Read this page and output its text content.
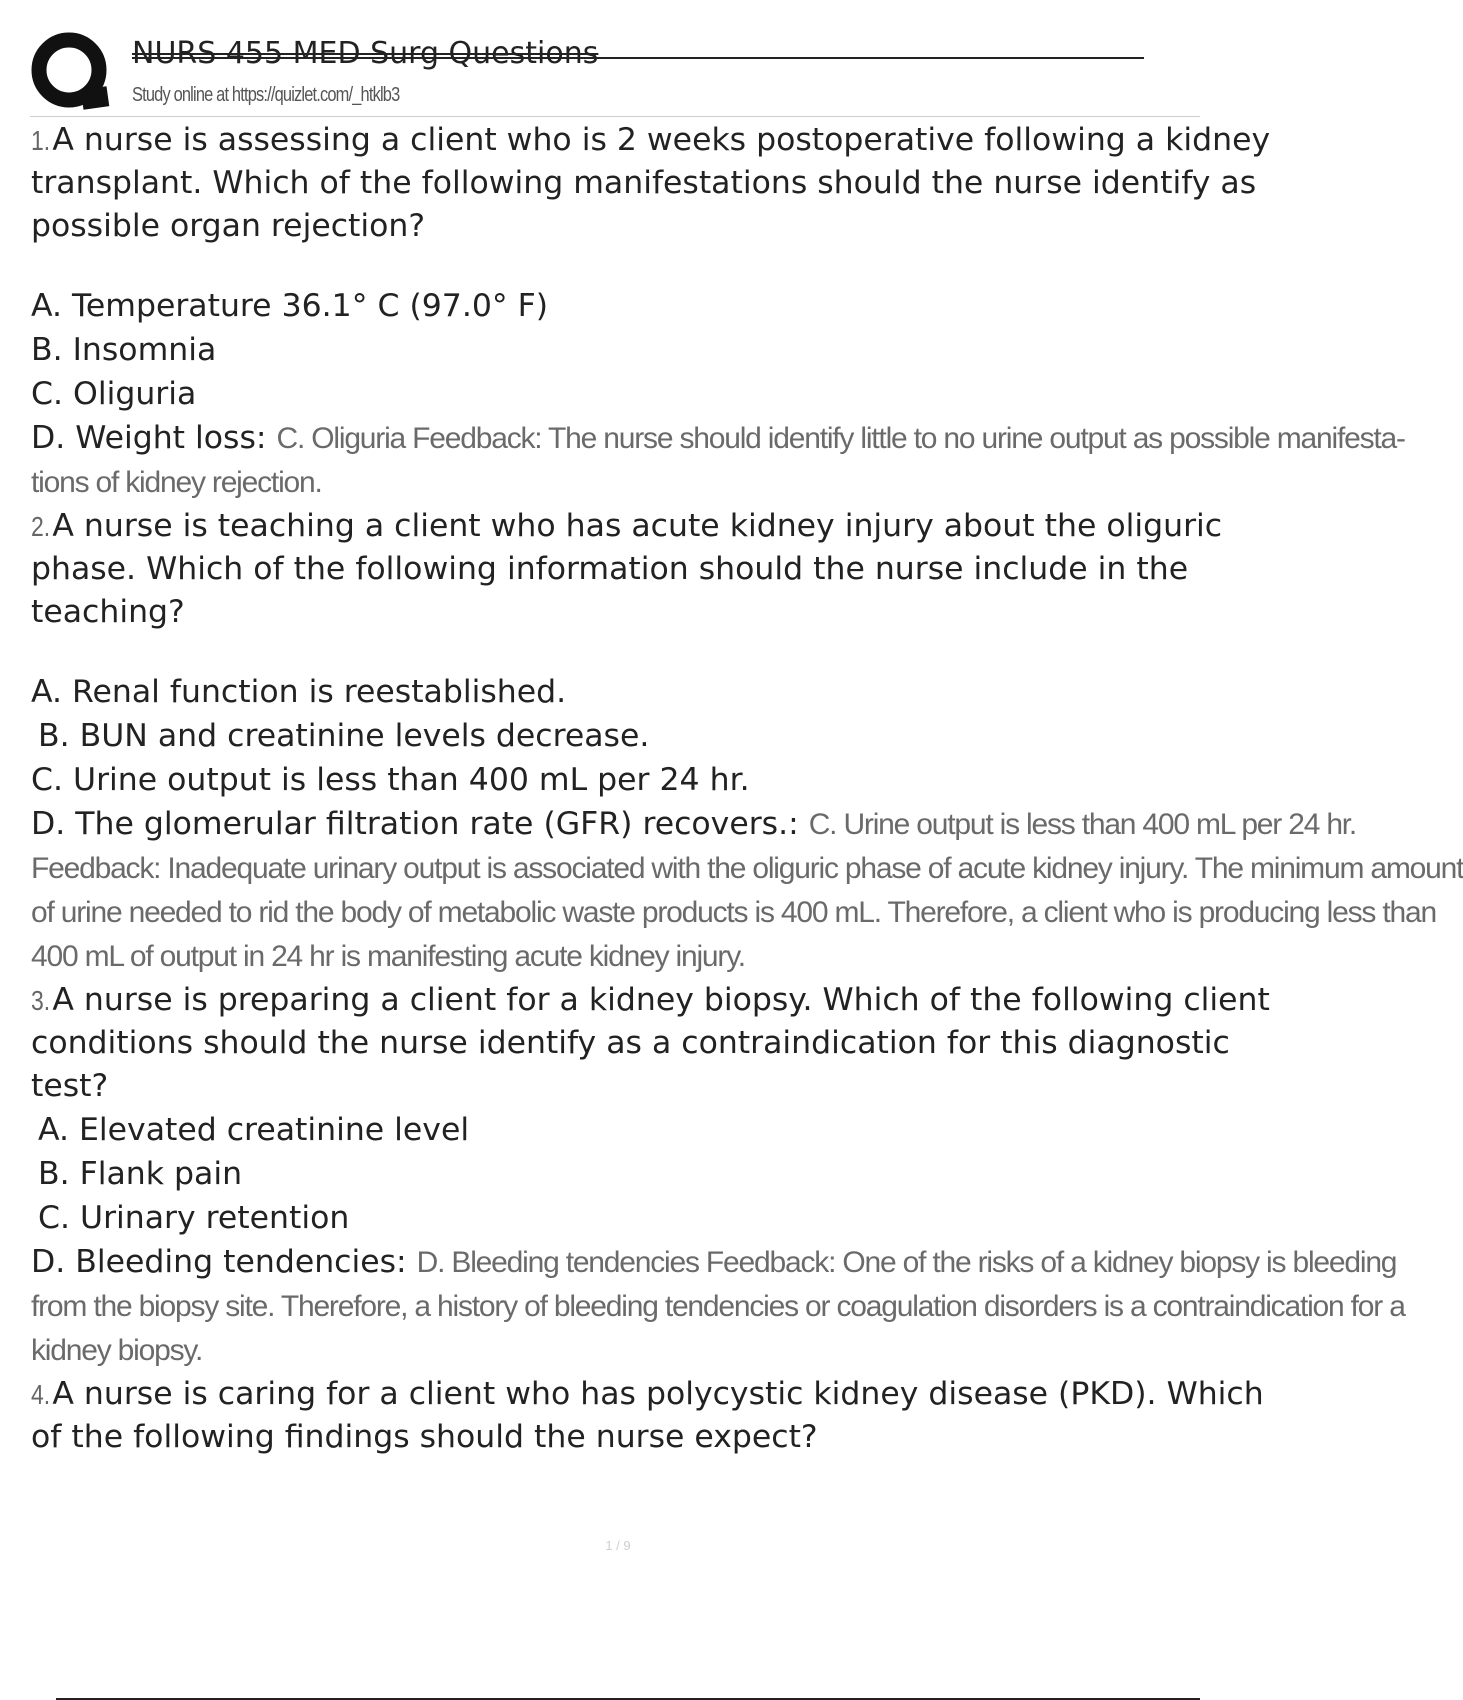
NURS 455 MED Surg Questions
Study online at https://quizlet.com/_htklb3
1.A nurse is assessing a client who is 2 weeks postoperative following a kidney
transplant. Which of the following manifestations should the nurse identify as
possible organ rejection?
A. Temperature 36.1° C (97.0° F)
B. Insomnia
C. Oliguria
D. Weight loss: C. Oliguria Feedback: The nurse should identify little to no urine output as possible manifesta-
tions of kidney rejection.
2.A nurse is teaching a client who has acute kidney injury about the oliguric
phase. Which of the following information should the nurse include in the
teaching?
A. Renal function is reestablished.
B. BUN and creatinine levels decrease.
C. Urine output is less than 400 mL per 24 hr.
D. The glomerular filtration rate (GFR) recovers.: C. Urine output is less than 400 mL per 24 hr.
Feedback: Inadequate urinary output is associated with the oliguric phase of acute kidney injury. The minimum amount
of urine needed to rid the body of metabolic waste products is 400 mL. Therefore, a client who is producing less than
400 mL of output in 24 hr is manifesting acute kidney injury.
3.A nurse is preparing a client for a kidney biopsy. Which of the following client
conditions should the nurse identify as a contraindication for this diagnostic
test?
A. Elevated creatinine level
B. Flank pain
C. Urinary retention
D. Bleeding tendencies: D. Bleeding tendencies Feedback: One of the risks of a kidney biopsy is bleeding
from the biopsy site. Therefore, a history of bleeding tendencies or coagulation disorders is a contraindication for a
kidney biopsy.
4.A nurse is caring for a client who has polycystic kidney disease (PKD). Which
of the following findings should the nurse expect?
1 / 9
